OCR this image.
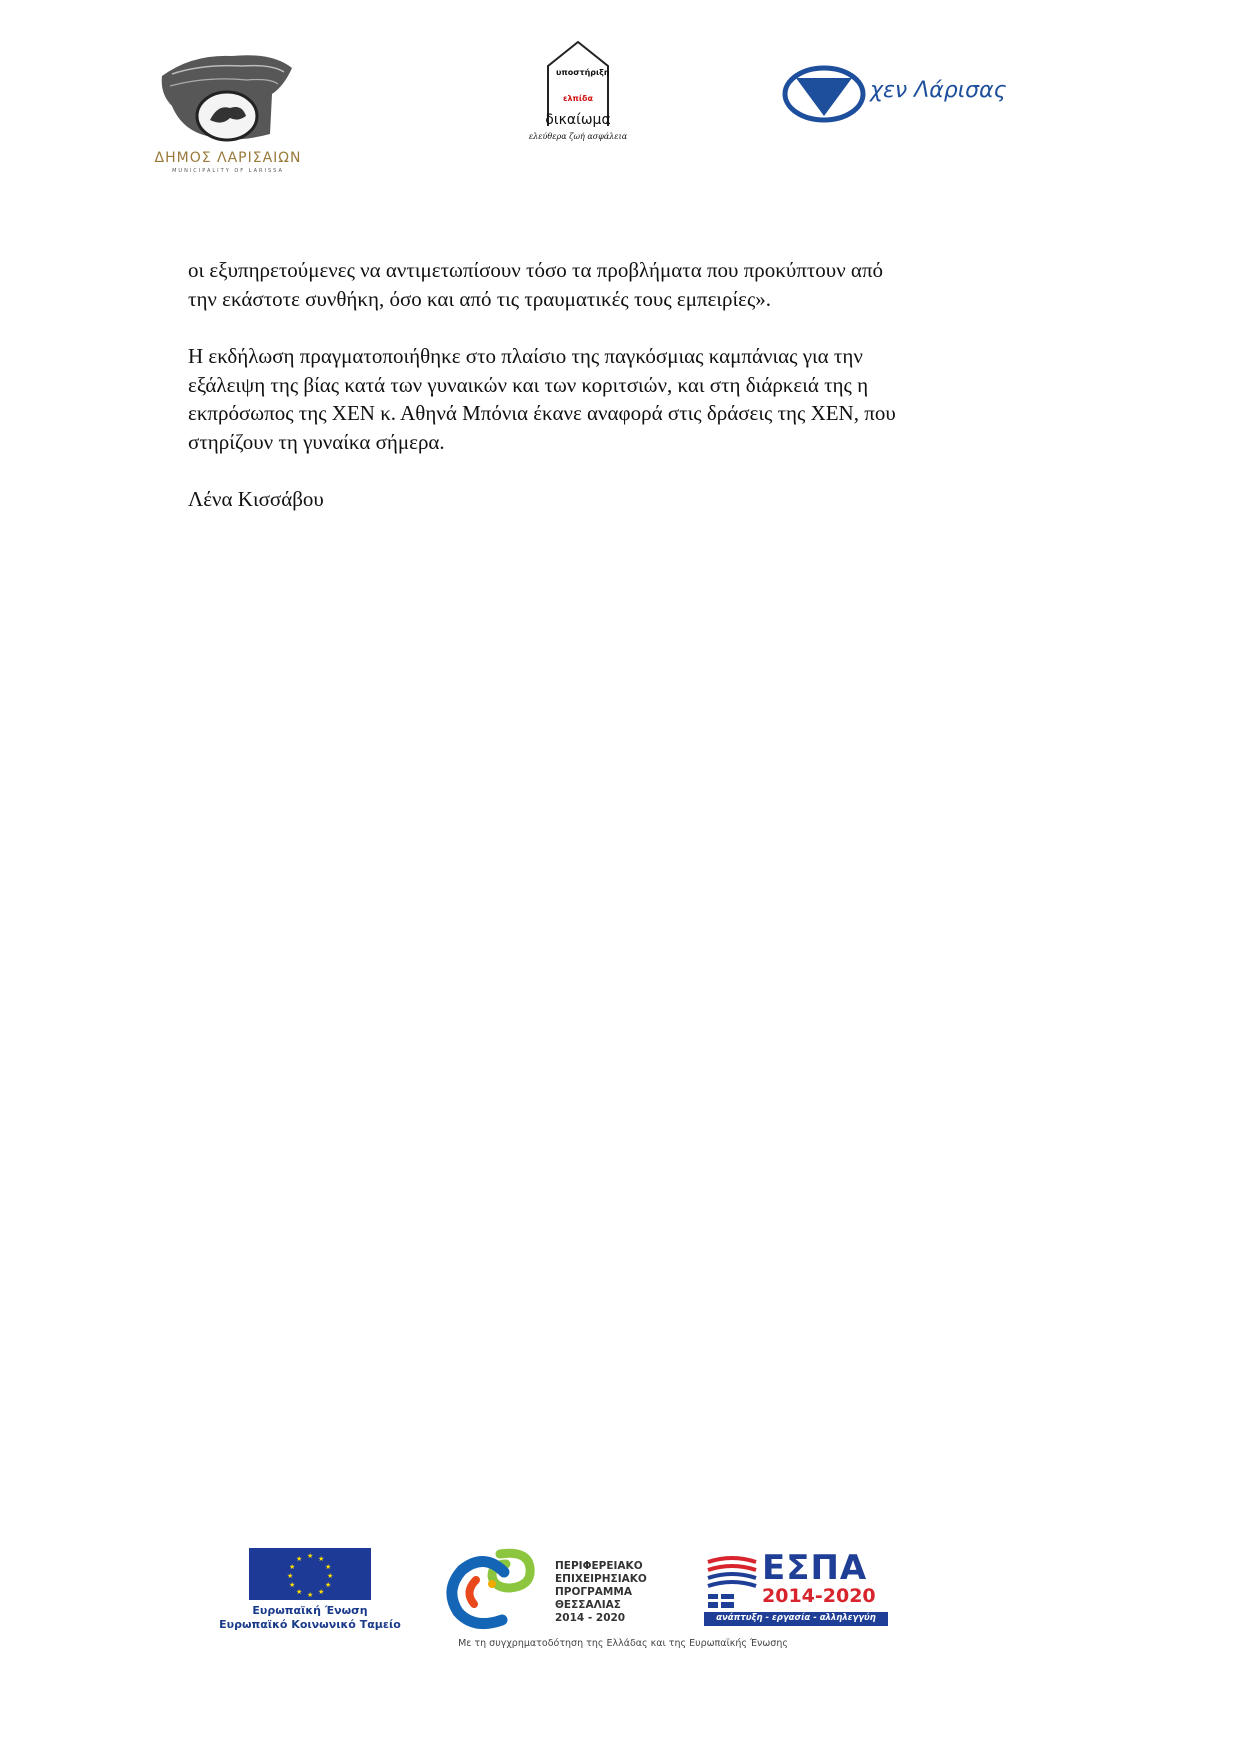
ΔΗΜΟΣ ΛΑΡΙΣΑΙΩΝ
MUNICIPALITY OF LARISSA
υποστήριξη
ελπίδα
δικαίωμα
ελεύθερα ζωή ασφάλεια
χεν Λάρισας

οι εξυπηρετούμενες να αντιμετωπίσουν τόσο τα προβλήματα που προκύπτουν από
την εκάστοτε συνθήκη, όσο και από τις τραυματικές τους εμπειρίες».

Η εκδήλωση πραγματοποιήθηκε στο πλαίσιο της παγκόσμιας καμπάνιας για την
εξάλειψη της βίας κατά των γυναικών και των κοριτσιών, και στη διάρκειά της η
εκπρόσωπος της ΧΕΝ κ. Αθηνά Μπόνια έκανε αναφορά στις δράσεις της ΧΕΝ, που
στηρίζουν τη γυναίκα σήμερα.

Λένα Κισσάβου

★ ★
★
★
★
★
★
★
★
★
★
★
Ευρωπαϊκή Ένωση
Ευρωπαϊκό Κοινωνικό Ταμείο
ΠΕΡΙΦΕΡΕΙΑΚΟ
ΕΠΙΧΕΙΡΗΣΙΑΚΟ
ΠΡΟΓΡΑΜΜΑ
ΘΕΣΣΑΛΙΑΣ
2014 - 2020
ΕΣΠΑ
2014-2020
ανάπτυξη - εργασία - αλληλεγγύη
Με τη συγχρηματοδότηση της Ελλάδας και της Ευρωπαϊκής Ένωσης
